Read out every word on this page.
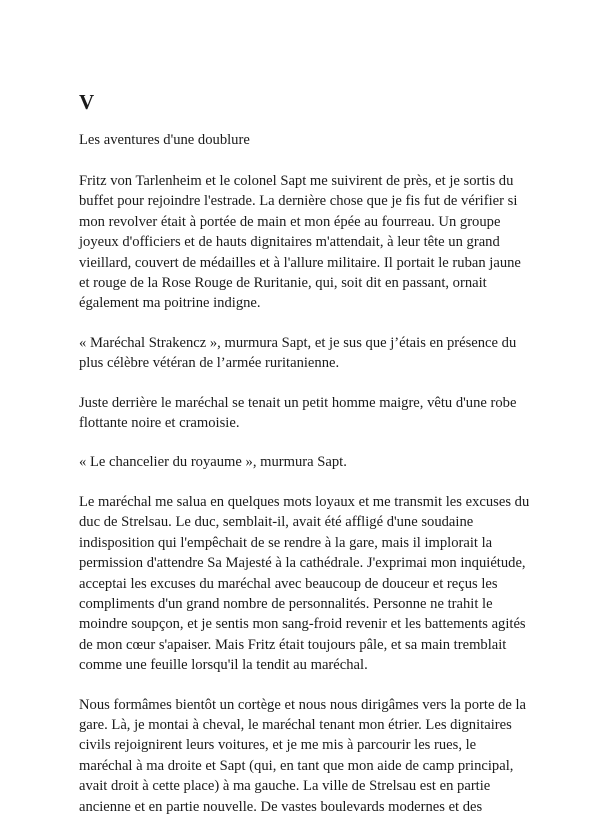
V
Les aventures d'une doublure

Fritz von Tarlenheim et le colonel Sapt me suivirent de près, et je sortis du buffet pour rejoindre l'estrade. La dernière chose que je fis fut de vérifier si mon revolver était à portée de main et mon épée au fourreau. Un groupe joyeux d'officiers et de hauts dignitaires m'attendait, à leur tête un grand vieillard, couvert de médailles et à l'allure militaire. Il portait le ruban jaune et rouge de la Rose Rouge de Ruritanie, qui, soit dit en passant, ornait également ma poitrine indigne.

« Maréchal Strakencz », murmura Sapt, et je sus que j’étais en présence du plus célèbre vétéran de l’armée ruritanienne.

Juste derrière le maréchal se tenait un petit homme maigre, vêtu d'une robe flottante noire et cramoisie.

« Le chancelier du royaume », murmura Sapt.

Le maréchal me salua en quelques mots loyaux et me transmit les excuses du duc de Strelsau. Le duc, semblait-il, avait été affligé d'une soudaine indisposition qui l'empêchait de se rendre à la gare, mais il implorait la permission d'attendre Sa Majesté à la cathédrale. J'exprimai mon inquiétude, acceptai les excuses du maréchal avec beaucoup de douceur et reçus les compliments d'un grand nombre de personnalités. Personne ne trahit le moindre soupçon, et je sentis mon sang-froid revenir et les battements agités de mon cœur s'apaiser. Mais Fritz était toujours pâle, et sa main tremblait comme une feuille lorsqu'il la tendit au maréchal.

Nous formâmes bientôt un cortège et nous nous dirigâmes vers la porte de la gare. Là, je montai à cheval, le maréchal tenant mon étrier. Les dignitaires civils rejoignirent leurs voitures, et je me mis à parcourir les rues, le maréchal à ma droite et Sapt (qui, en tant que mon aide de camp principal, avait droit à cette place) à ma gauche. La ville de Strelsau est en partie ancienne et en partie nouvelle. De vastes boulevards modernes et des
